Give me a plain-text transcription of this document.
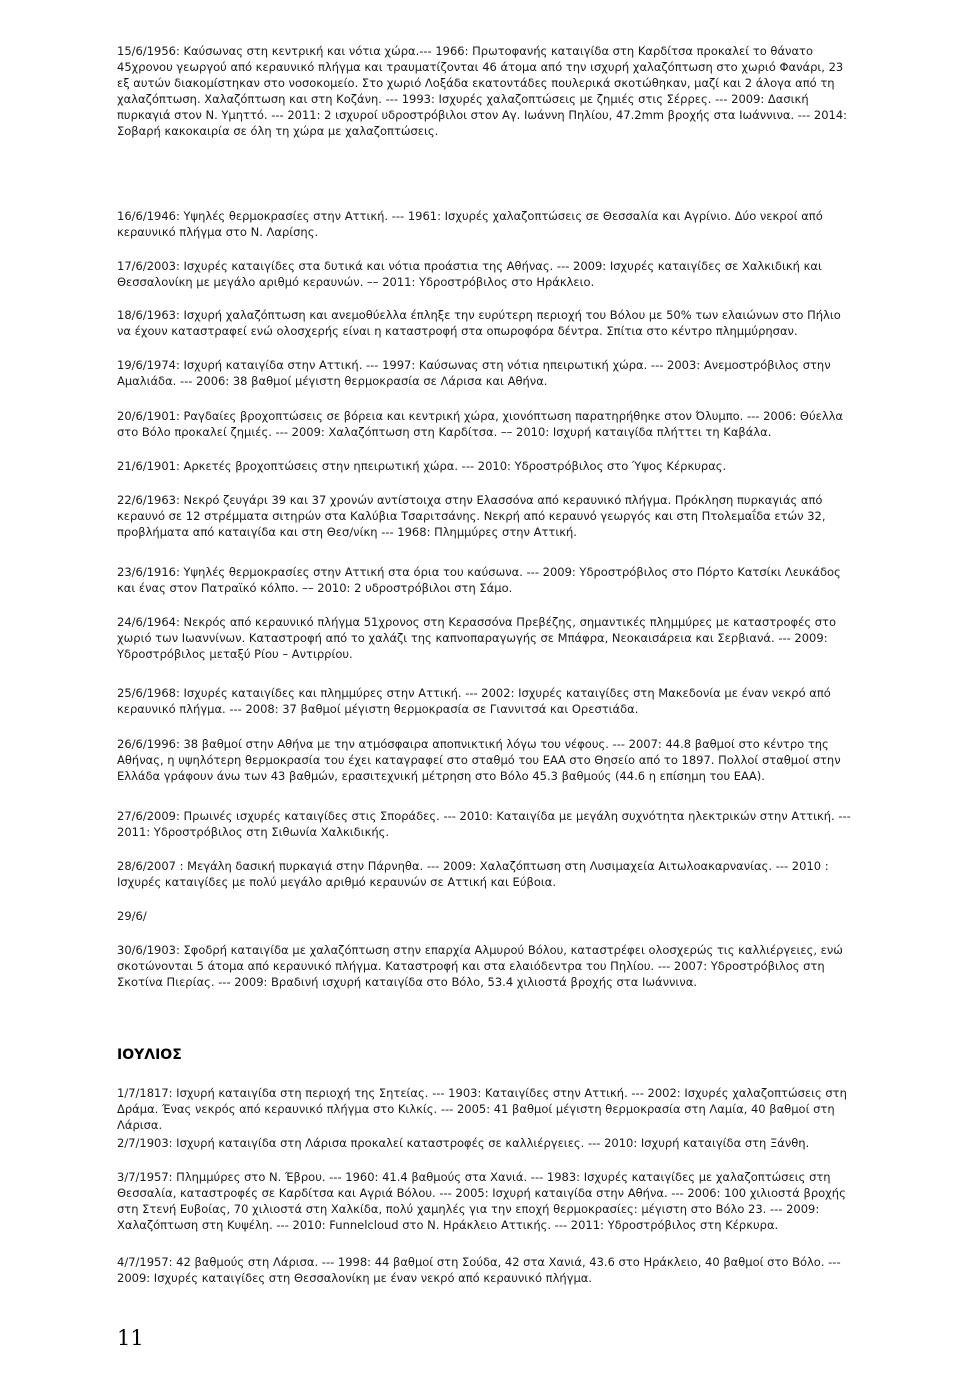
15/6/1956: Καύσωνας στη κεντρική και νότια χώρα.--- 1966: Πρωτοφανής καταιγίδα στη Καρδίτσα προκαλεί το θάνατο 45χρονου γεωργού από κεραυνικό πλήγμα και τραυματίζονται 46 άτομα από την ισχυρή χαλαζόπτωση στο χωριό Φανάρι, 23 εξ αυτών διακομίστηκαν στο νοσοκομείο. Στο χωριό Λοξάδα εκατοντάδες πουλερικά σκοτώθηκαν, μαζί και 2 άλογα από τη χαλαζόπτωση. Χαλαζόπτωση και στη Κοζάνη. --- 1993: Ισχυρές χαλαζοπτώσεις με ζημιές στις Σέρρες. --- 2009: Δασική πυρκαγιά στον Ν. Υμηττό. --- 2011: 2 ισχυροί υδροστρόβιλοι στον Αγ. Ιωάννη Πηλίου, 47.2mm βροχής στα Ιωάννινα. --- 2014: Σοβαρή κακοκαιρία σε όλη τη χώρα με χαλαζοπτώσεις.

16/6/1946: Υψηλές θερμοκρασίες στην Αττική. --- 1961: Ισχυρές χαλαζοπτώσεις σε Θεσσαλία και Αγρίνιο. Δύο νεκροί από κεραυνικό πλήγμα στο Ν. Λαρίσης.

17/6/2003: Ισχυρές καταιγίδες στα δυτικά και νότια προάστια της Αθήνας. --- 2009: Ισχυρές καταιγίδες σε Χαλκιδική και Θεσσαλονίκη με μεγάλο αριθμό κεραυνών. –– 2011: Υδροστρόβιλος στο Ηράκλειο.

18/6/1963: Ισχυρή χαλαζόπτωση και ανεμοθύελλα έπληξε την ευρύτερη περιοχή του Βόλου με 50% των ελαιώνων στο Πήλιο να έχουν καταστραφεί ενώ ολοσχερής είναι η καταστροφή στα οπωροφόρα δέντρα. Σπίτια στο κέντρο πλημμύρησαν.

19/6/1974: Ισχυρή καταιγίδα στην Αττική. --- 1997: Καύσωνας στη νότια ηπειρωτική χώρα. --- 2003: Ανεμοστρόβιλος στην Αμαλιάδα. --- 2006: 38 βαθμοί μέγιστη θερμοκρασία σε Λάρισα και Αθήνα.

20/6/1901: Ραγδαίες βροχοπτώσεις σε βόρεια και κεντρική χώρα, χιονόπτωση παρατηρήθηκε στον Όλυμπο. --- 2006: Θύελλα στο Βόλο προκαλεί ζημιές. --- 2009: Χαλαζόπτωση στη Καρδίτσα. –– 2010: Ισχυρή καταιγίδα πλήττει τη Καβάλα.

21/6/1901: Αρκετές βροχοπτώσεις στην ηπειρωτική χώρα. --- 2010: Υδροστρόβιλος στο Ύψος Κέρκυρας.

22/6/1963: Νεκρό ζευγάρι 39 και 37 χρονών αντίστοιχα στην Ελασσόνα από κεραυνικό πλήγμα. Πρόκληση πυρκαγιάς από κεραυνό σε 12 στρέμματα σιτηρών στα Καλύβια Τσαριτσάνης. Νεκρή από κεραυνό γεωργός και στη Πτολεμαΐδα ετών 32, προβλήματα από καταιγίδα και στη Θεσ/νίκη --- 1968: Πλημμύρες στην Αττική.

23/6/1916: Υψηλές θερμοκρασίες στην Αττική στα όρια του καύσωνα. --- 2009: Υδροστρόβιλος στο Πόρτο Κατσίκι Λευκάδος και ένας στον Πατραϊκό κόλπο. –– 2010: 2 υδροστρόβιλοι στη Σάμο.

24/6/1964: Νεκρός από κεραυνικό πλήγμα 51χρονος στη Κερασσόνα Πρεβέζης, σημαντικές πλημμύρες με καταστροφές στο χωριό των Ιωαννίνων. Καταστροφή από το χαλάζι της καπνοπαραγωγής σε Μπάφρα, Νεοκαισάρεια και Σερβιανά. --- 2009: Υδροστρόβιλος μεταξύ Ρίου – Αντιρρίου.

25/6/1968: Ισχυρές καταιγίδες και πλημμύρες στην Αττική. --- 2002: Ισχυρές καταιγίδες στη Μακεδονία με έναν νεκρό από κεραυνικό πλήγμα. --- 2008: 37 βαθμοί μέγιστη θερμοκρασία σε Γιαννιτσά και Ορεστιάδα.

26/6/1996: 38 βαθμοί στην Αθήνα με την ατμόσφαιρα αποπνικτική λόγω του νέφους. --- 2007: 44.8 βαθμοί στο κέντρο της Αθήνας, η υψηλότερη θερμοκρασία του έχει καταγραφεί στο σταθμό του ΕΑΑ στο Θησείο από το 1897. Πολλοί σταθμοί στην Ελλάδα γράφουν άνω των 43 βαθμών, ερασιτεχνική μέτρηση στο Βόλο 45.3 βαθμούς (44.6 η επίσημη του ΕΑΑ).

27/6/2009: Πρωινές ισχυρές καταιγίδες στις Σποράδες. --- 2010: Καταιγίδα με μεγάλη συχνότητα ηλεκτρικών στην Αττική. --- 2011: Υδροστρόβιλος στη Σιθωνία Χαλκιδικής.

28/6/2007 : Μεγάλη δασική πυρκαγιά στην Πάρνηθα. --- 2009: Χαλαζόπτωση στη Λυσιμαχεία Αιτωλοακαρνανίας. --- 2010 : Ισχυρές καταιγίδες με πολύ μεγάλο αριθμό κεραυνών σε Αττική και Εύβοια.

29/6/

30/6/1903: Σφοδρή καταιγίδα με χαλαζόπτωση στην επαρχία Αλμυρού Βόλου, καταστρέφει ολοσχερώς τις καλλιέργειες, ενώ σκοτώνονται 5 άτομα από κεραυνικό πλήγμα. Καταστροφή και στα ελαιόδεντρα του Πηλίου. --- 2007: Υδροστρόβιλος στη Σκοτίνα Πιερίας. --- 2009: Βραδινή ισχυρή καταιγίδα στο Βόλο, 53.4 χιλιοστά βροχής στα Ιωάννινα.

ΙΟΥΛΙΟΣ

1/7/1817: Ισχυρή καταιγίδα στη περιοχή της Σητείας. --- 1903: Καταιγίδες στην Αττική. --- 2002: Ισχυρές χαλαζοπτώσεις στη Δράμα. Ένας νεκρός από κεραυνικό πλήγμα στο Κιλκίς. --- 2005: 41 βαθμοί μέγιστη θερμοκρασία στη Λαμία, 40 βαθμοί στη Λάρισα.

2/7/1903: Ισχυρή καταιγίδα στη Λάρισα προκαλεί καταστροφές σε καλλιέργειες. --- 2010: Ισχυρή καταιγίδα στη Ξάνθη.

3/7/1957: Πλημμύρες στο Ν. Έβρου. --- 1960: 41.4 βαθμούς στα Χανιά. --- 1983: Ισχυρές καταιγίδες με χαλαζοπτώσεις στη Θεσσαλία, καταστροφές σε Καρδίτσα και Αγριά Βόλου. --- 2005: Ισχυρή καταιγίδα στην Αθήνα. --- 2006: 100 χιλιοστά βροχής στη Στενή Ευβοίας, 70 χιλιοστά στη Χαλκίδα, πολύ χαμηλές για την εποχή θερμοκρασίες: μέγιστη στο Βόλο 23. --- 2009: Χαλαζόπτωση στη Κυψέλη. --- 2010: Funnelcloud στο Ν. Ηράκλειο Αττικής. --- 2011: Υδροστρόβιλος στη Κέρκυρα.

4/7/1957: 42 βαθμούς στη Λάρισα. --- 1998: 44 βαθμοί στη Σούδα, 42 στα Χανιά, 43.6 στο Ηράκλειο, 40 βαθμοί στο Βόλο. --- 2009: Ισχυρές καταιγίδες στη Θεσσαλονίκη με έναν νεκρό από κεραυνικό πλήγμα.

11
